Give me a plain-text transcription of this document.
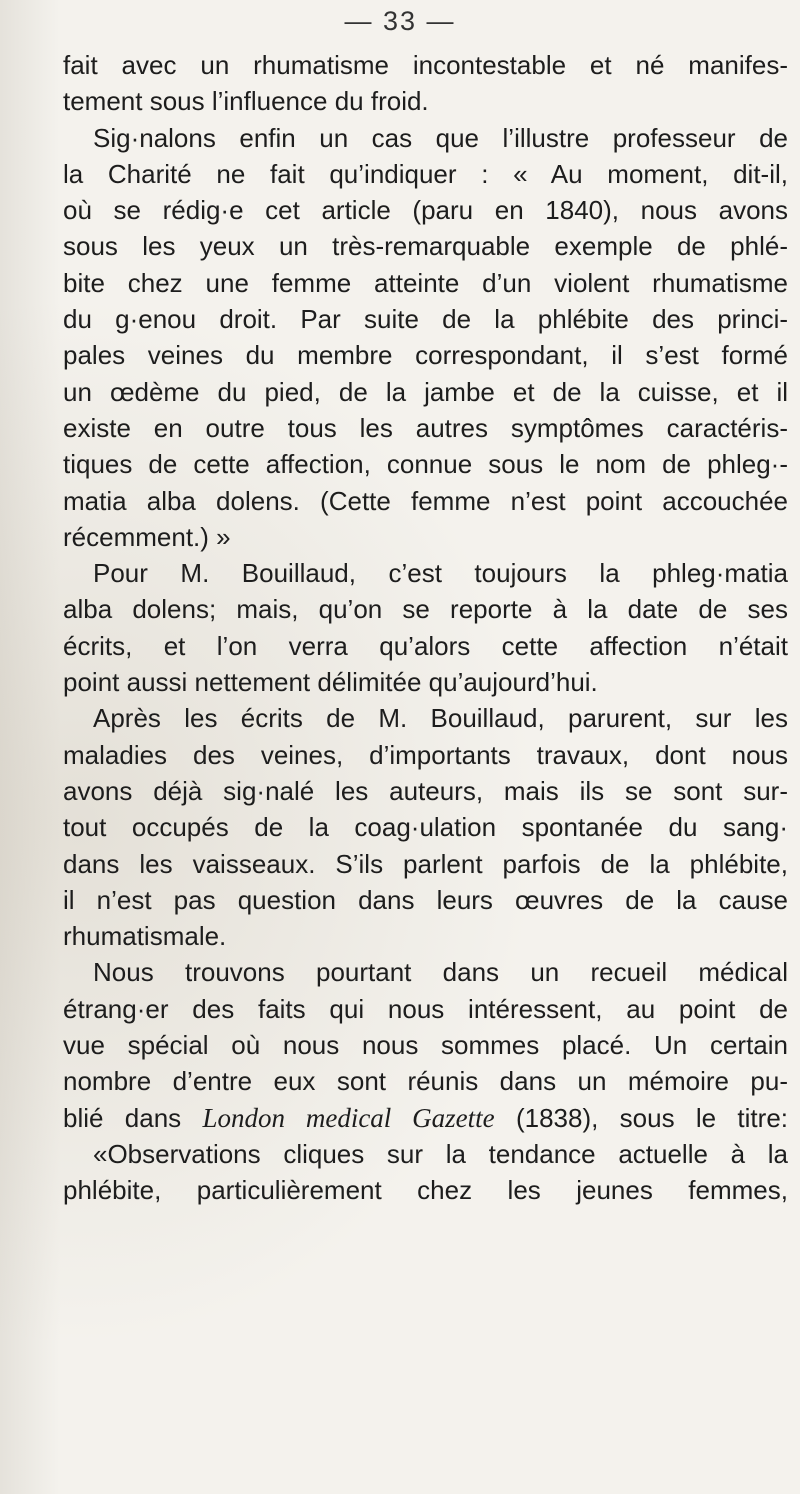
— 33 —
fait avec un rhumatisme incontestable et né manifes-
tement sous l’influence du froid.
Sig·nalons enfin un cas que l’illustre professeur de
la Charité ne fait qu’indiquer : « Au moment, dit-il,
où se rédig·e cet article (paru en 1840), nous avons
sous les yeux un très-remarquable exemple de phlé-
bite chez une femme atteinte d’un violent rhumatisme
du g·enou droit. Par suite de la phlébite des princi-
pales veines du membre correspondant, il s’est formé
un œdème du pied, de la jambe et de la cuisse, et il
existe en outre tous les autres symptômes caractéris-
tiques de cette affection, connue sous le nom de phleg·-
matia alba dolens. (Cette femme n’est point accouchée
récemment.) »
Pour M. Bouillaud, c’est toujours la phleg·matia
alba dolens; mais, qu’on se reporte à la date de ses
écrits, et l’on verra qu’alors cette affection n’était
point aussi nettement délimitée qu’aujourd’hui.
Après les écrits de M. Bouillaud, parurent, sur les
maladies des veines, d’importants travaux, dont nous
avons déjà sig·nalé les auteurs, mais ils se sont sur-
tout occupés de la coag·ulation spontanée du sang·
dans les vaisseaux. S’ils parlent parfois de la phlébite,
il n’est pas question dans leurs œuvres de la cause
rhumatismale.
Nous trouvons pourtant dans un recueil médical
étrang·er des faits qui nous intéressent, au point de
vue spécial où nous nous sommes placé. Un certain
nombre d’entre eux sont réunis dans un mémoire pu-
blié dans London medical Gazette (1838), sous le titre:
«Observations cliques sur la tendance actuelle à la
phlébite, particulièrement chez les jeunes femmes,
